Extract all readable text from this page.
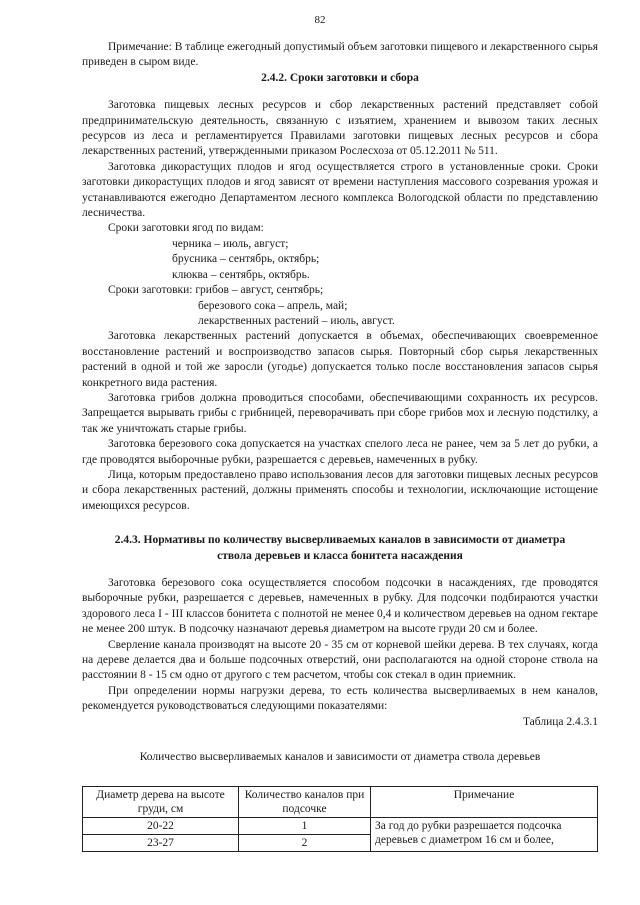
82

Примечание: В таблице ежегодный допустимый объем заготовки пищевого и лекарственного сырья приведен в сыром виде.

2.4.2. Сроки заготовки и сбора

Заготовка пищевых лесных ресурсов и сбор лекарственных растений представляет собой предпринимательскую деятельность, связанную с изъятием, хранением и вывозом таких лесных ресурсов из леса и регламентируется Правилами заготовки пищевых лесных ресурсов и сбора лекарственных растений, утвержденными приказом Рослесхоза от 05.12.2011 № 511.

Заготовка дикорастущих плодов и ягод осуществляется строго в установленные сроки. Сроки заготовки дикорастущих плодов и ягод зависят от времени наступления массового созревания урожая и устанавливаются ежегодно Департаментом лесного комплекса Вологодской области по представлению лесничества.

Сроки заготовки ягод по видам:

черника – июль, август;

брусника – сентябрь, октябрь;

клюква – сентябрь, октябрь.

Сроки заготовки: грибов – август, сентябрь;

березового сока – апрель, май;

лекарственных растений – июль, август.

Заготовка лекарственных растений допускается в объемах, обеспечивающих своевременное восстановление растений и воспроизводство запасов сырья. Повторный сбор сырья лекарственных растений в одной и той же заросли (угодье) допускается только после восстановления запасов сырья конкретного вида растения.

Заготовка грибов должна проводиться способами, обеспечивающими сохранность их ресурсов. Запрещается вырывать грибы с грибницей, переворачивать при сборе грибов мох и лесную подстилку, а так же уничтожать старые грибы.

Заготовка березового сока допускается на участках спелого леса не ранее, чем за 5 лет до рубки, а где проводятся выборочные рубки, разрешается с деревьев, намеченных в рубку.

Лица, которым предоставлено право использования лесов для заготовки пищевых лесных ресурсов и сбора лекарственных растений, должны применять способы и технологии, исключающие истощение имеющихся ресурсов.

2.4.3. Нормативы по количеству высверливаемых каналов в зависимости от диаметра

ствола деревьев и класса бонитета насаждения

Заготовка березового сока осуществляется способом подсочки в насаждениях, где проводятся выборочные рубки, разрешается с деревьев, намеченных в рубку. Для подсочки подбираются участки здорового леса I - III классов бонитета с полнотой не менее 0,4 и количеством деревьев на одном гектаре не менее 200 штук. В подсочку назначают деревья диаметром на высоте груди 20 см и более.

Сверление канала производят на высоте 20 - 35 см от корневой шейки дерева. В тех случаях, когда на дереве делается два и больше подсочных отверстий, они располагаются на одной стороне ствола на расстоянии 8 - 15 см одно от другого с тем расчетом, чтобы сок стекал в один приемник.

При определении нормы нагрузки дерева, то есть количества высверливаемых в нем каналов, рекомендуется руководствоваться следующими показателями:

Таблица 2.4.3.1

Количество высверливаемых каналов и зависимости от диаметра ствола деревьев

Диаметр дерева на высоте груди, см	Количество каналов при подсочке	Примечание
20-22	1	За год до рубки разрешается подсочка деревьев с диаметром 16 см и более,
23-27	2	
